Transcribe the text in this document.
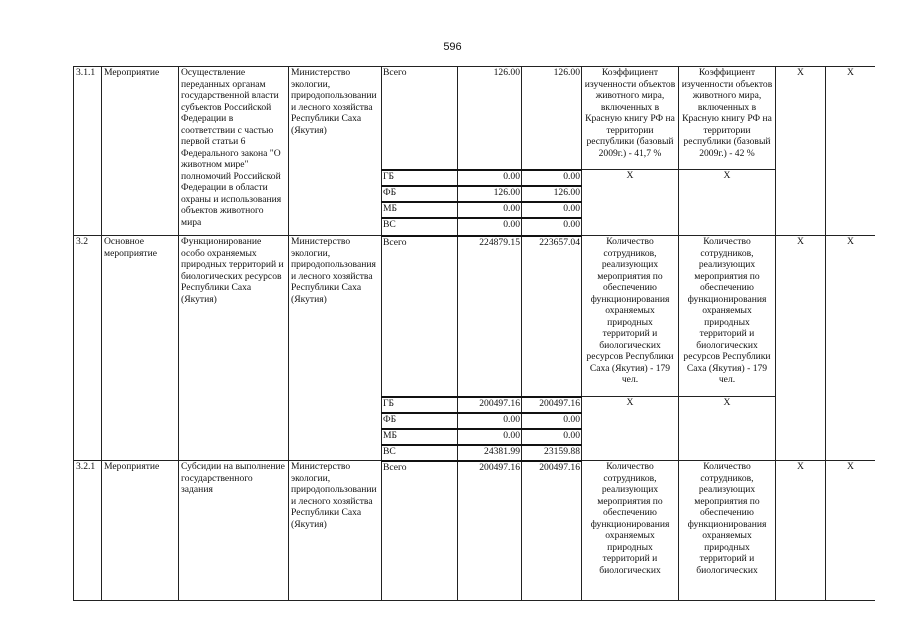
596
3.1.1	Мероприятие	Осуществление переданных органам государственной власти субъектов Российской Федерации в соответствии с частью первой статьи 6 Федерального закона "О животном мире" полномочий Российской Федерации в области охраны и использования объектов животного мира	Министерство экологии, природопользовании и лесного хозяйства Республики Саха (Якутия)	Всего	126.00	126.00	Коэффициент изученности объектов животного мира, включенных в Красную книгу РФ на территории республики (базовый 2009г.) - 41,7 %	Коэффициент изученности объектов животного мира, включенных в Красную книгу РФ на территории республики (базовый 2009г.) - 42 %	X	X
				ГБ	0.00	0.00	X	X		
				ФБ	126.00	126.00				
				МБ	0.00	0.00				
				ВС	0.00	0.00				
3.2	Основное мероприятие	Функционирование особо охраняемых природных территорий и биологических ресурсов Республики Саха (Якутия)	Министерство экологии, природопользования и лесного хозяйства Республики Саха (Якутия)	Всего	224879.15	223657.04	Количество сотрудников, реализующих мероприятия по обеспечению функционирования охраняемых природных территорий и биологических ресурсов Республики Саха (Якутия) - 179 чел.	Количество сотрудников, реализующих мероприятия по обеспечению функционирования охраняемых природных территорий и биологических ресурсов Республики Саха (Якутия) - 179 чел.	X	X
				ГБ	200497.16	200497.16	X	X		
				ФБ	0.00	0.00				
				МБ	0.00	0.00				
				ВС	24381.99	23159.88				
3.2.1	Мероприятие	Субсидии на выполнение государственного задания	Министерство экологии, природопользовании и лесного хозяйства Республики Саха (Якутия)	Всего	200497.16	200497.16	Количество сотрудников, реализующих мероприятия по обеспечению функционирования охраняемых природных территорий и биологических	Количество сотрудников, реализующих мероприятия по обеспечению функционирования охраняемых природных территорий и биологических	X	X
